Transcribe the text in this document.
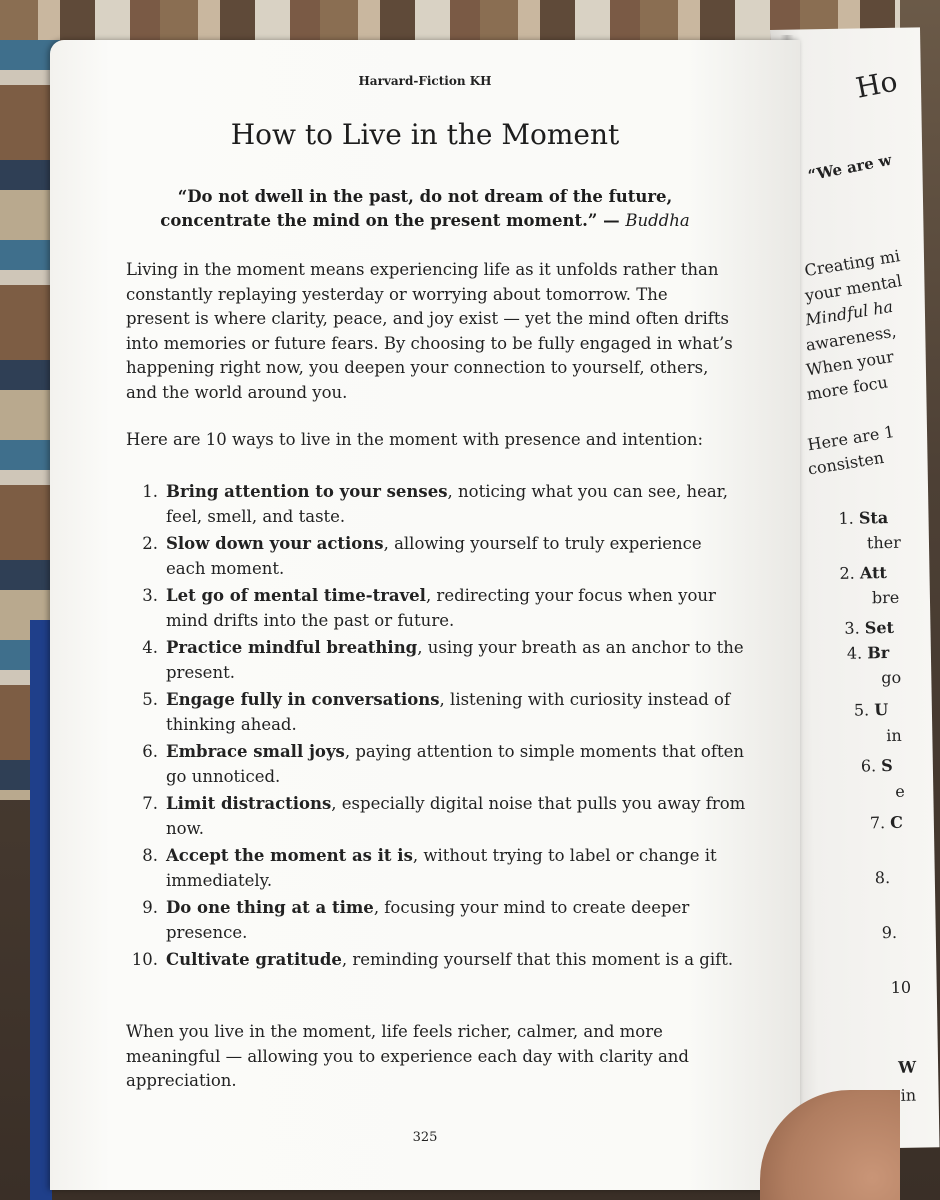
Ho
“We are w
Creating mi
your mental
Mindful ha
awareness,
When your
more focu
Here are 1
consisten
1. Sta
ther
2. Att
bre
3. Set
4. Br
go
5. U
in
6. S
e
7. C
8.
9.
10
W
in
Harvard-Fiction KH
How to Live in the Moment
“Do not dwell in the past, do not dream of the future, concentrate the mind on the present moment.” — Buddha
Living in the moment means experiencing life as it unfolds rather than constantly replaying yesterday or worrying about tomorrow. The present is where clarity, peace, and joy exist — yet the mind often drifts into memories or future fears. By choosing to be fully engaged in what’s happening right now, you deepen your connection to yourself, others, and the world around you.
Here are 10 ways to live in the moment with presence and intention:
1. Bring attention to your senses, noticing what you can see, hear, feel, smell, and taste.
2. Slow down your actions, allowing yourself to truly experience each moment.
3. Let go of mental time-travel, redirecting your focus when your mind drifts into the past or future.
4. Practice mindful breathing, using your breath as an anchor to the present.
5. Engage fully in conversations, listening with curiosity instead of thinking ahead.
6. Embrace small joys, paying attention to simple moments that often go unnoticed.
7. Limit distractions, especially digital noise that pulls you away from now.
8. Accept the moment as it is, without trying to label or change it immediately.
9. Do one thing at a time, focusing your mind to create deeper presence.
10. Cultivate gratitude, reminding yourself that this moment is a gift.
When you live in the moment, life feels richer, calmer, and more meaningful — allowing you to experience each day with clarity and appreciation.
325
